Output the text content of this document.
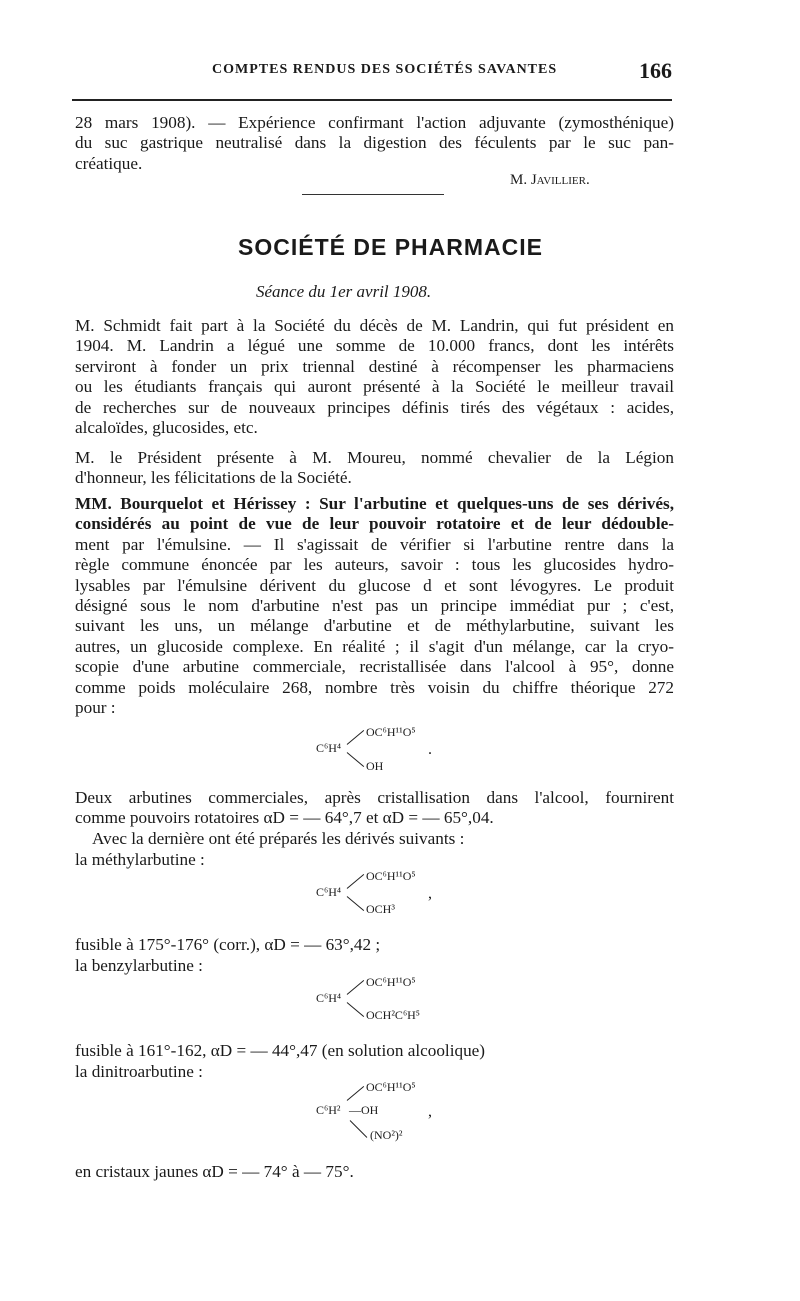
COMPTES RENDUS DES SOCIÉTÉS SAVANTES	166
28 mars 1908). — Expérience confirmant l'action adjuvante (zymosthénique)
du suc gastrique neutralisé dans la digestion des féculents par le suc pan-
créatique.
M. Javillier.
SOCIÉTÉ DE PHARMACIE
Séance du 1er avril 1908.
M. Schmidt fait part à la Société du décès de M. Landrin, qui fut président en
1904. M. Landrin a légué une somme de 10.000 francs, dont les intérêts
serviront à fonder un prix triennal destiné à récompenser les pharmaciens
ou les étudiants français qui auront présenté à la Société le meilleur travail
de recherches sur de nouveaux principes définis tirés des végétaux : acides,
alcaloïdes, glucosides, etc.
M. le Président présente à M. Moureu, nommé chevalier de la Légion
d'honneur, les félicitations de la Société.
MM. Bourquelot et Hérissey : Sur l'arbutine et quelques-uns de ses dérivés,
considérés au point de vue de leur pouvoir rotatoire et de leur dédouble-
ment par l'émulsine. — Il s'agissait de vérifier si l'arbutine rentre dans la
règle commune énoncée par les auteurs, savoir : tous les glucosides hydro-
lysables par l'émulsine dérivent du glucose d et sont lévogyres. Le produit
désigné sous le nom d'arbutine n'est pas un principe immédiat pur ; c'est,
suivant les uns, un mélange d'arbutine et de méthylarbutine, suivant les
autres, un glucoside complexe. En réalité ; il s'agit d'un mélange, car la cryo-
scopie d'une arbutine commerciale, recristallisée dans l'alcool à 95°, donne
comme poids moléculaire 268, nombre très voisin du chiffre théorique 272
pour :
C⁶H⁴
OC⁶H¹¹O⁵
OH
.
Deux arbutines commerciales, après cristallisation dans l'alcool, fournirent
comme pouvoirs rotatoires αD = — 64°,7 et αD = — 65°,04.
Avec la dernière ont été préparés les dérivés suivants :
la méthylarbutine :
C⁶H⁴
OC⁶H¹¹O⁵
OCH³
,
fusible à 175°-176° (corr.), αD = — 63°,42 ;
la benzylarbutine :
C⁶H⁴
OC⁶H¹¹O⁵
OCH²C⁶H⁵
fusible à 161°-162, αD = — 44°,47 (en solution alcoolique)
la dinitroarbutine :
C⁶H²
OC⁶H¹¹O⁵
—OH
(NO²)²
,
en cristaux jaunes αD = — 74° à — 75°.
